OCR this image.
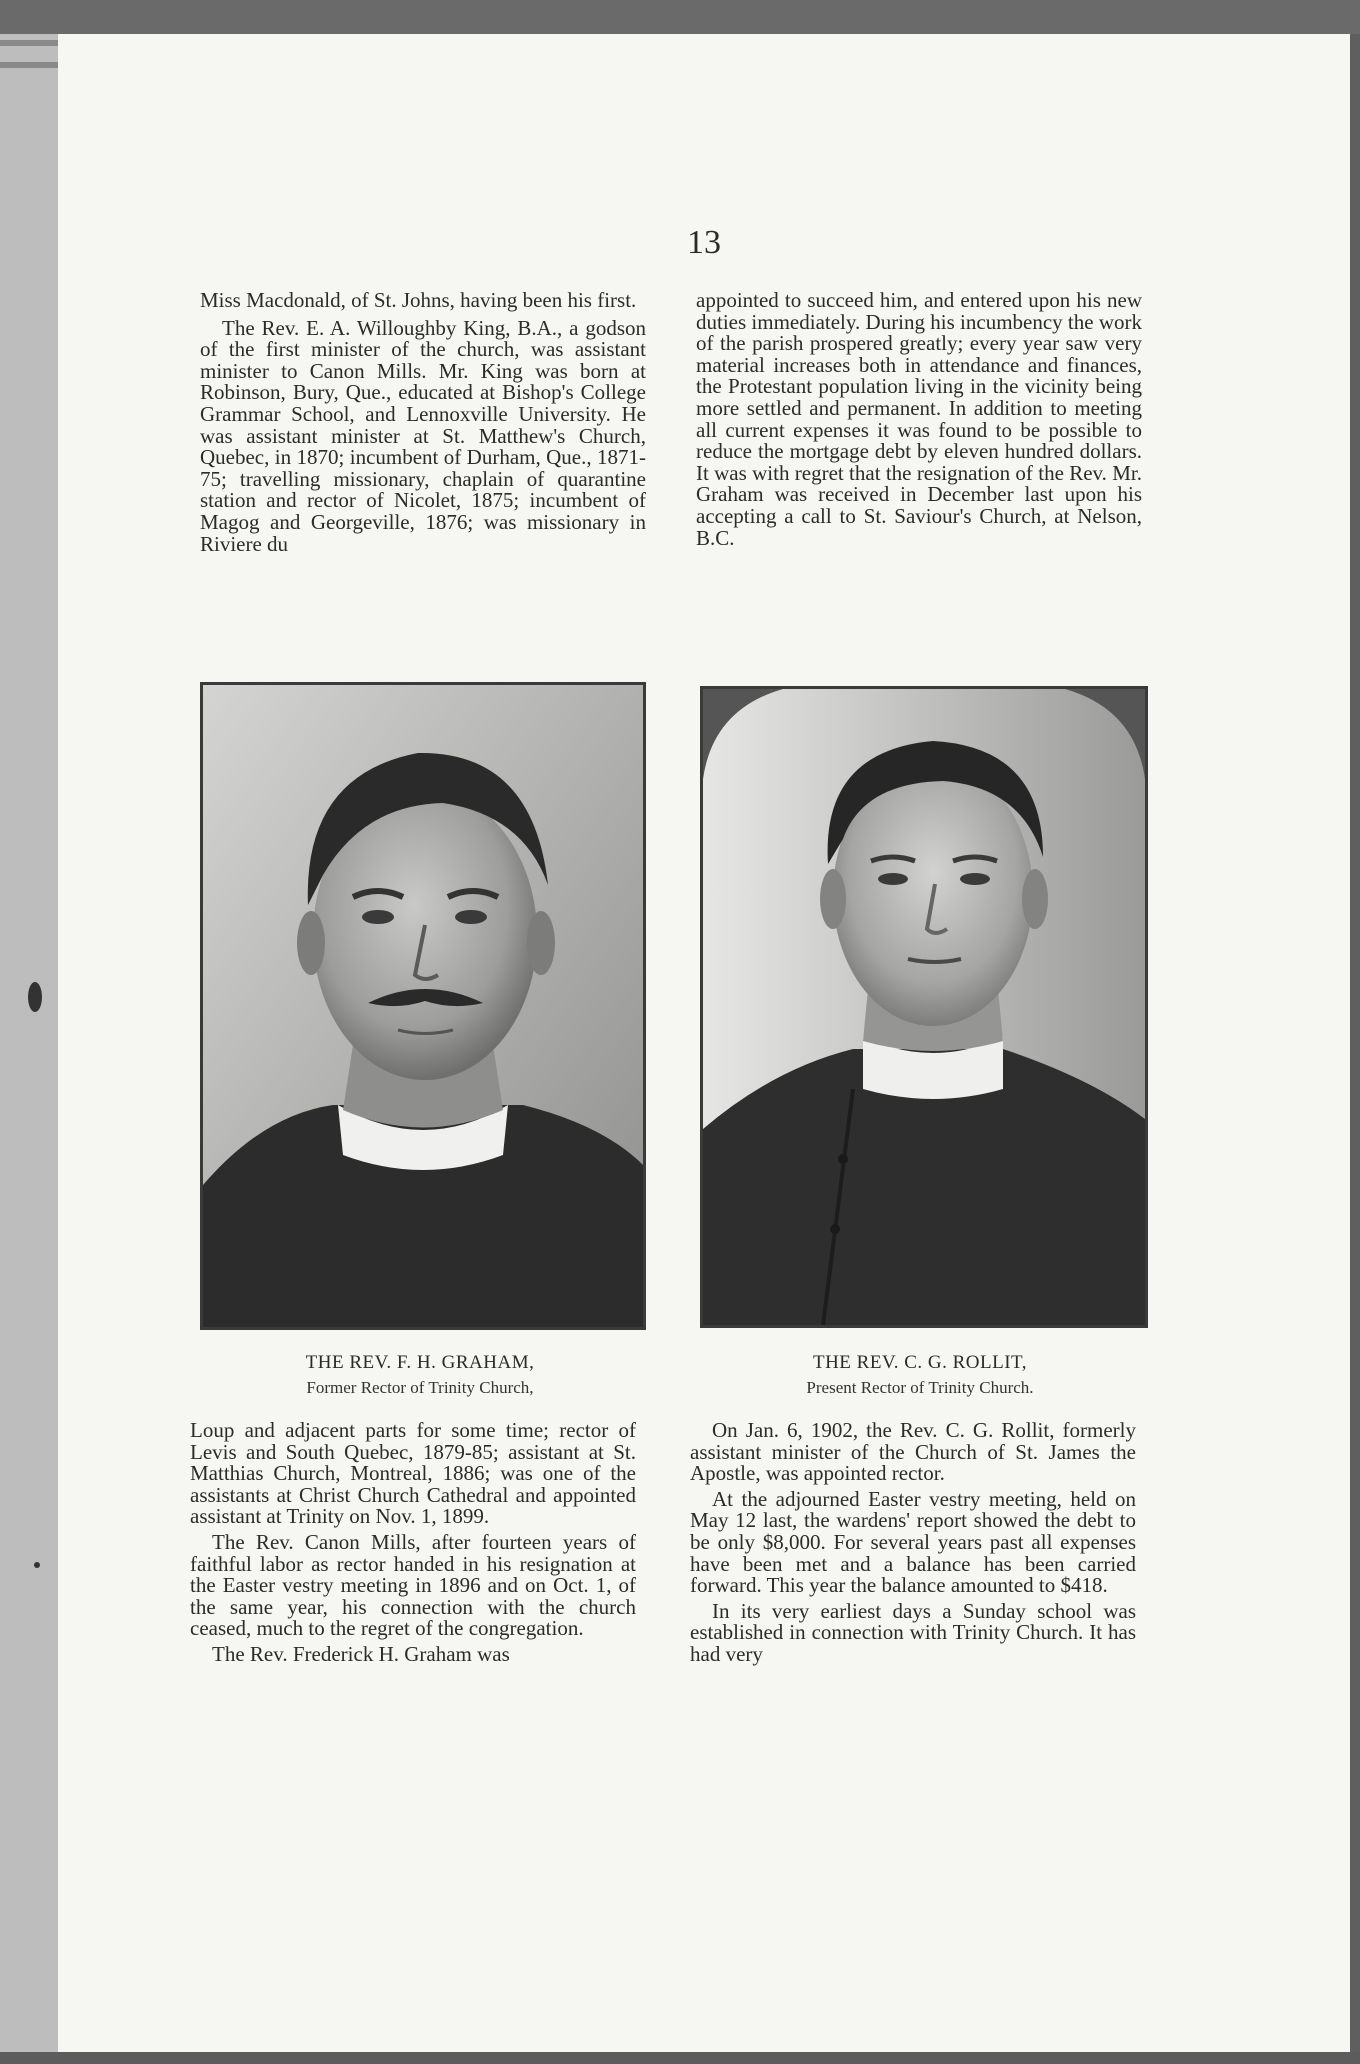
13

Miss Macdonald, of St. Johns, having been his first.

The Rev. E. A. Willoughby King, B.A., a godson of the first minister of the church, was assistant minister to Canon Mills. Mr. King was born at Robinson, Bury, Que., educated at Bishop's College Grammar School, and Lennoxville University. He was assistant minister at St. Matthew's Church, Quebec, in 1870; incumbent of Durham, Que., 1871-75; travelling missionary, chaplain of quarantine station and rector of Nicolet, 1875; incumbent of Magog and Georgeville, 1876; was missionary in Riviere du

appointed to succeed him, and entered upon his new duties immediately. During his incumbency the work of the parish prospered greatly; every year saw very material increases both in attendance and finances, the Protestant population living in the vicinity being more settled and permanent. In addition to meeting all current expenses it was found to be possible to reduce the mortgage debt by eleven hundred dollars. It was with regret that the resignation of the Rev. Mr. Graham was received in December last upon his accepting a call to St. Saviour's Church, at Nelson, B.C.

THE REV. F. H. GRAHAM,
Former Rector of Trinity Church,
THE REV. C. G. ROLLIT,
Present Rector of Trinity Church.

Loup and adjacent parts for some time; rector of Levis and South Quebec, 1879-85; assistant at St. Matthias Church, Montreal, 1886; was one of the assistants at Christ Church Cathedral and appointed assistant at Trinity on Nov. 1, 1899.

The Rev. Canon Mills, after fourteen years of faithful labor as rector handed in his resignation at the Easter vestry meeting in 1896 and on Oct. 1, of the same year, his connection with the church ceased, much to the regret of the congregation.

The Rev. Frederick H. Graham was

On Jan. 6, 1902, the Rev. C. G. Rollit, formerly assistant minister of the Church of St. James the Apostle, was appointed rector.

At the adjourned Easter vestry meeting, held on May 12 last, the wardens' report showed the debt to be only $8,000. For several years past all expenses have been met and a balance has been carried forward. This year the balance amounted to $418.

In its very earliest days a Sunday school was established in connection with Trinity Church. It has had very
